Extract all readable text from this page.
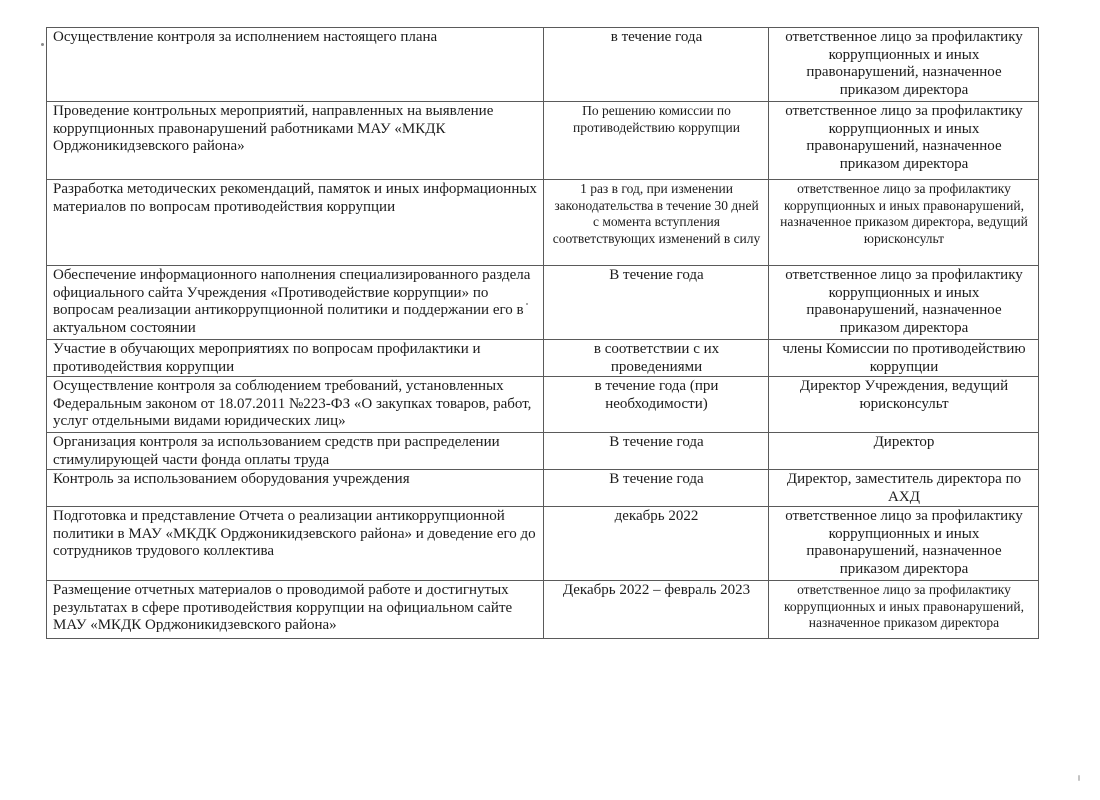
Осуществление контроля за исполнением настоящего плана	в течение года	ответственное лицо за профилактику коррупционных и иных правонарушений, назначенное приказом директора
Проведение контрольных мероприятий, направленных на выявление коррупционных правонарушений работниками МАУ «МКДК Орджоникидзевского района»	По решению комиссии по противодействию коррупции	ответственное лицо за профилактику коррупционных и иных правонарушений, назначенное приказом директора
Разработка методических рекомендаций, памяток и иных информационных материалов по вопросам противодействия коррупции	1 раз в год, при изменении законодательства в течение 30 дней с момента вступления соответствующих изменений в силу	ответственное лицо за профилактику коррупционных и иных правонарушений, назначенное приказом директора, ведущий юрисконсульт
Обеспечение информационного наполнения специализированного раздела официального сайта Учреждения «Противодействие коррупции» по вопросам реализации антикоррупционной политики и поддержании его в актуальном состоянии	В течение года	ответственное лицо за профилактику коррупционных и иных правонарушений, назначенное приказом директора
Участие в обучающих мероприятиях по вопросам профилактики и противодействия коррупции	в соответствии с их проведениями	члены Комиссии по противодействию коррупции
Осуществление контроля за соблюдением требований, установленных Федеральным законом от 18.07.2011 №223-ФЗ «О закупках товаров, работ, услуг отдельными видами юридических лиц»	в течение года (при необходимости)	Директор Учреждения, ведущий юрисконсульт
Организация контроля за использованием средств при распределении стимулирующей части фонда оплаты труда	В течение года	Директор
Контроль за использованием оборудования учреждения	В течение года	Директор, заместитель директора по АХД
Подготовка и представление Отчета о реализации антикоррупционной политики в МАУ «МКДК Орджоникидзевского района» и доведение его до сотрудников трудового коллектива	декабрь 2022	ответственное лицо за профилактику коррупционных и иных правонарушений, назначенное приказом директора
Размещение отчетных материалов о проводимой работе и достигнутых результатах в сфере противодействия коррупции на официальном сайте МАУ «МКДК Орджоникидзевского района»	Декабрь 2022 – февраль 2023	ответственное лицо за профилактику коррупционных и иных правонарушений, назначенное приказом директора
